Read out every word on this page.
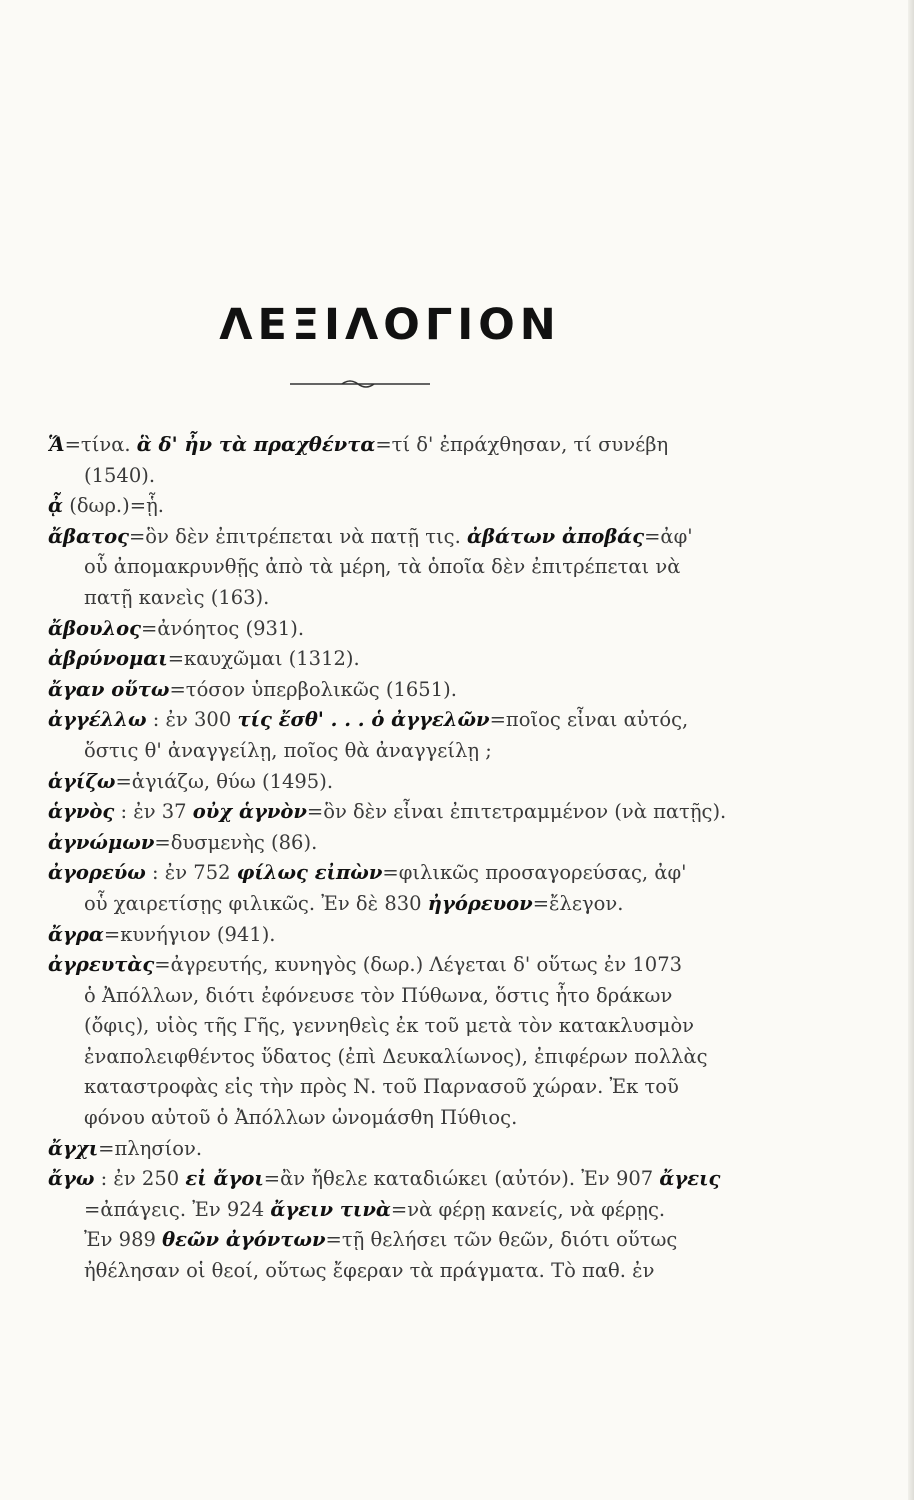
ΛΕΞΙΛΟΓΙΟΝ
Ἅ=τίνα. ἃ δ' ἦν τὰ πραχθέντα=τί δ' ἐπράχθησαν, τί συνέβη
(1540).
ᾆ (δωρ.)=ᾗ.
ἄβατος=ὃν δὲν ἐπιτρέπεται νὰ πατῇ τις. ἀβάτων ἀποβάς=ἀφ'
οὗ ἀπομακρυνθῇς ἀπὸ τὰ μέρη, τὰ ὁποῖα δὲν ἐπιτρέπεται νὰ
πατῇ κανεὶς (163).
ἄβουλος=ἀνόητος (931).
ἀβρύνομαι=καυχῶμαι (1312).
ἄγαν οὕτω=τόσον ὑπερβολικῶς (1651).
ἀγγέλλω : ἐν 300 τίς ἔσθ' . . . ὁ ἀγγελῶν=ποῖος εἶναι αὐτός,
ὅστις θ' ἀναγγείλῃ, ποῖος θὰ ἀναγγείλῃ ;
ἁγίζω=ἁγιάζω, θύω (1495).
ἁγνὸς : ἐν 37 οὐχ ἁγνὸν=ὃν δὲν εἶναι ἐπιτετραμμένον (νὰ πατῇς).
ἀγνώμων=δυσμενὴς (86).
ἀγορεύω : ἐν 752 φίλως εἰπὼν=φιλικῶς προσαγορεύσας, ἀφ'
οὗ χαιρετίσῃς φιλικῶς. Ἐν δὲ 830 ἠγόρευον=ἔλεγον.
ἄγρα=κυνήγιον (941).
ἀγρευτὰς=ἀγρευτής, κυνηγὸς (δωρ.) Λέγεται δ' οὕτως ἐν 1073
ὁ Ἀπόλλων, διότι ἐφόνευσε τὸν Πύθωνα, ὅστις ἦτο δράκων
(ὄφις), υἱὸς τῆς Γῆς, γεννηθεὶς ἐκ τοῦ μετὰ τὸν κατακλυσμὸν
ἐναπολειφθέντος ὕδατος (ἐπὶ Δευκαλίωνος), ἐπιφέρων πολλὰς
καταστροφὰς εἰς τὴν πρὸς Ν. τοῦ Παρνασοῦ χώραν. Ἐκ τοῦ
φόνου αὐτοῦ ὁ Ἀπόλλων ὠνομάσθη Πύθιος.
ἄγχι=πλησίον.
ἄγω : ἐν 250 εἰ ἄγοι=ἂν ἤθελε καταδιώκει (αὐτόν). Ἐν 907 ἄγεις
=ἀπάγεις. Ἐν 924 ἄγειν τινὰ=νὰ φέρῃ κανείς, νὰ φέρῃς.
Ἐν 989 θεῶν ἀγόντων=τῇ θελήσει τῶν θεῶν, διότι οὕτως
ἠθέλησαν οἱ θεοί, οὕτως ἔφεραν τὰ πράγματα. Τὸ παθ. ἐν
